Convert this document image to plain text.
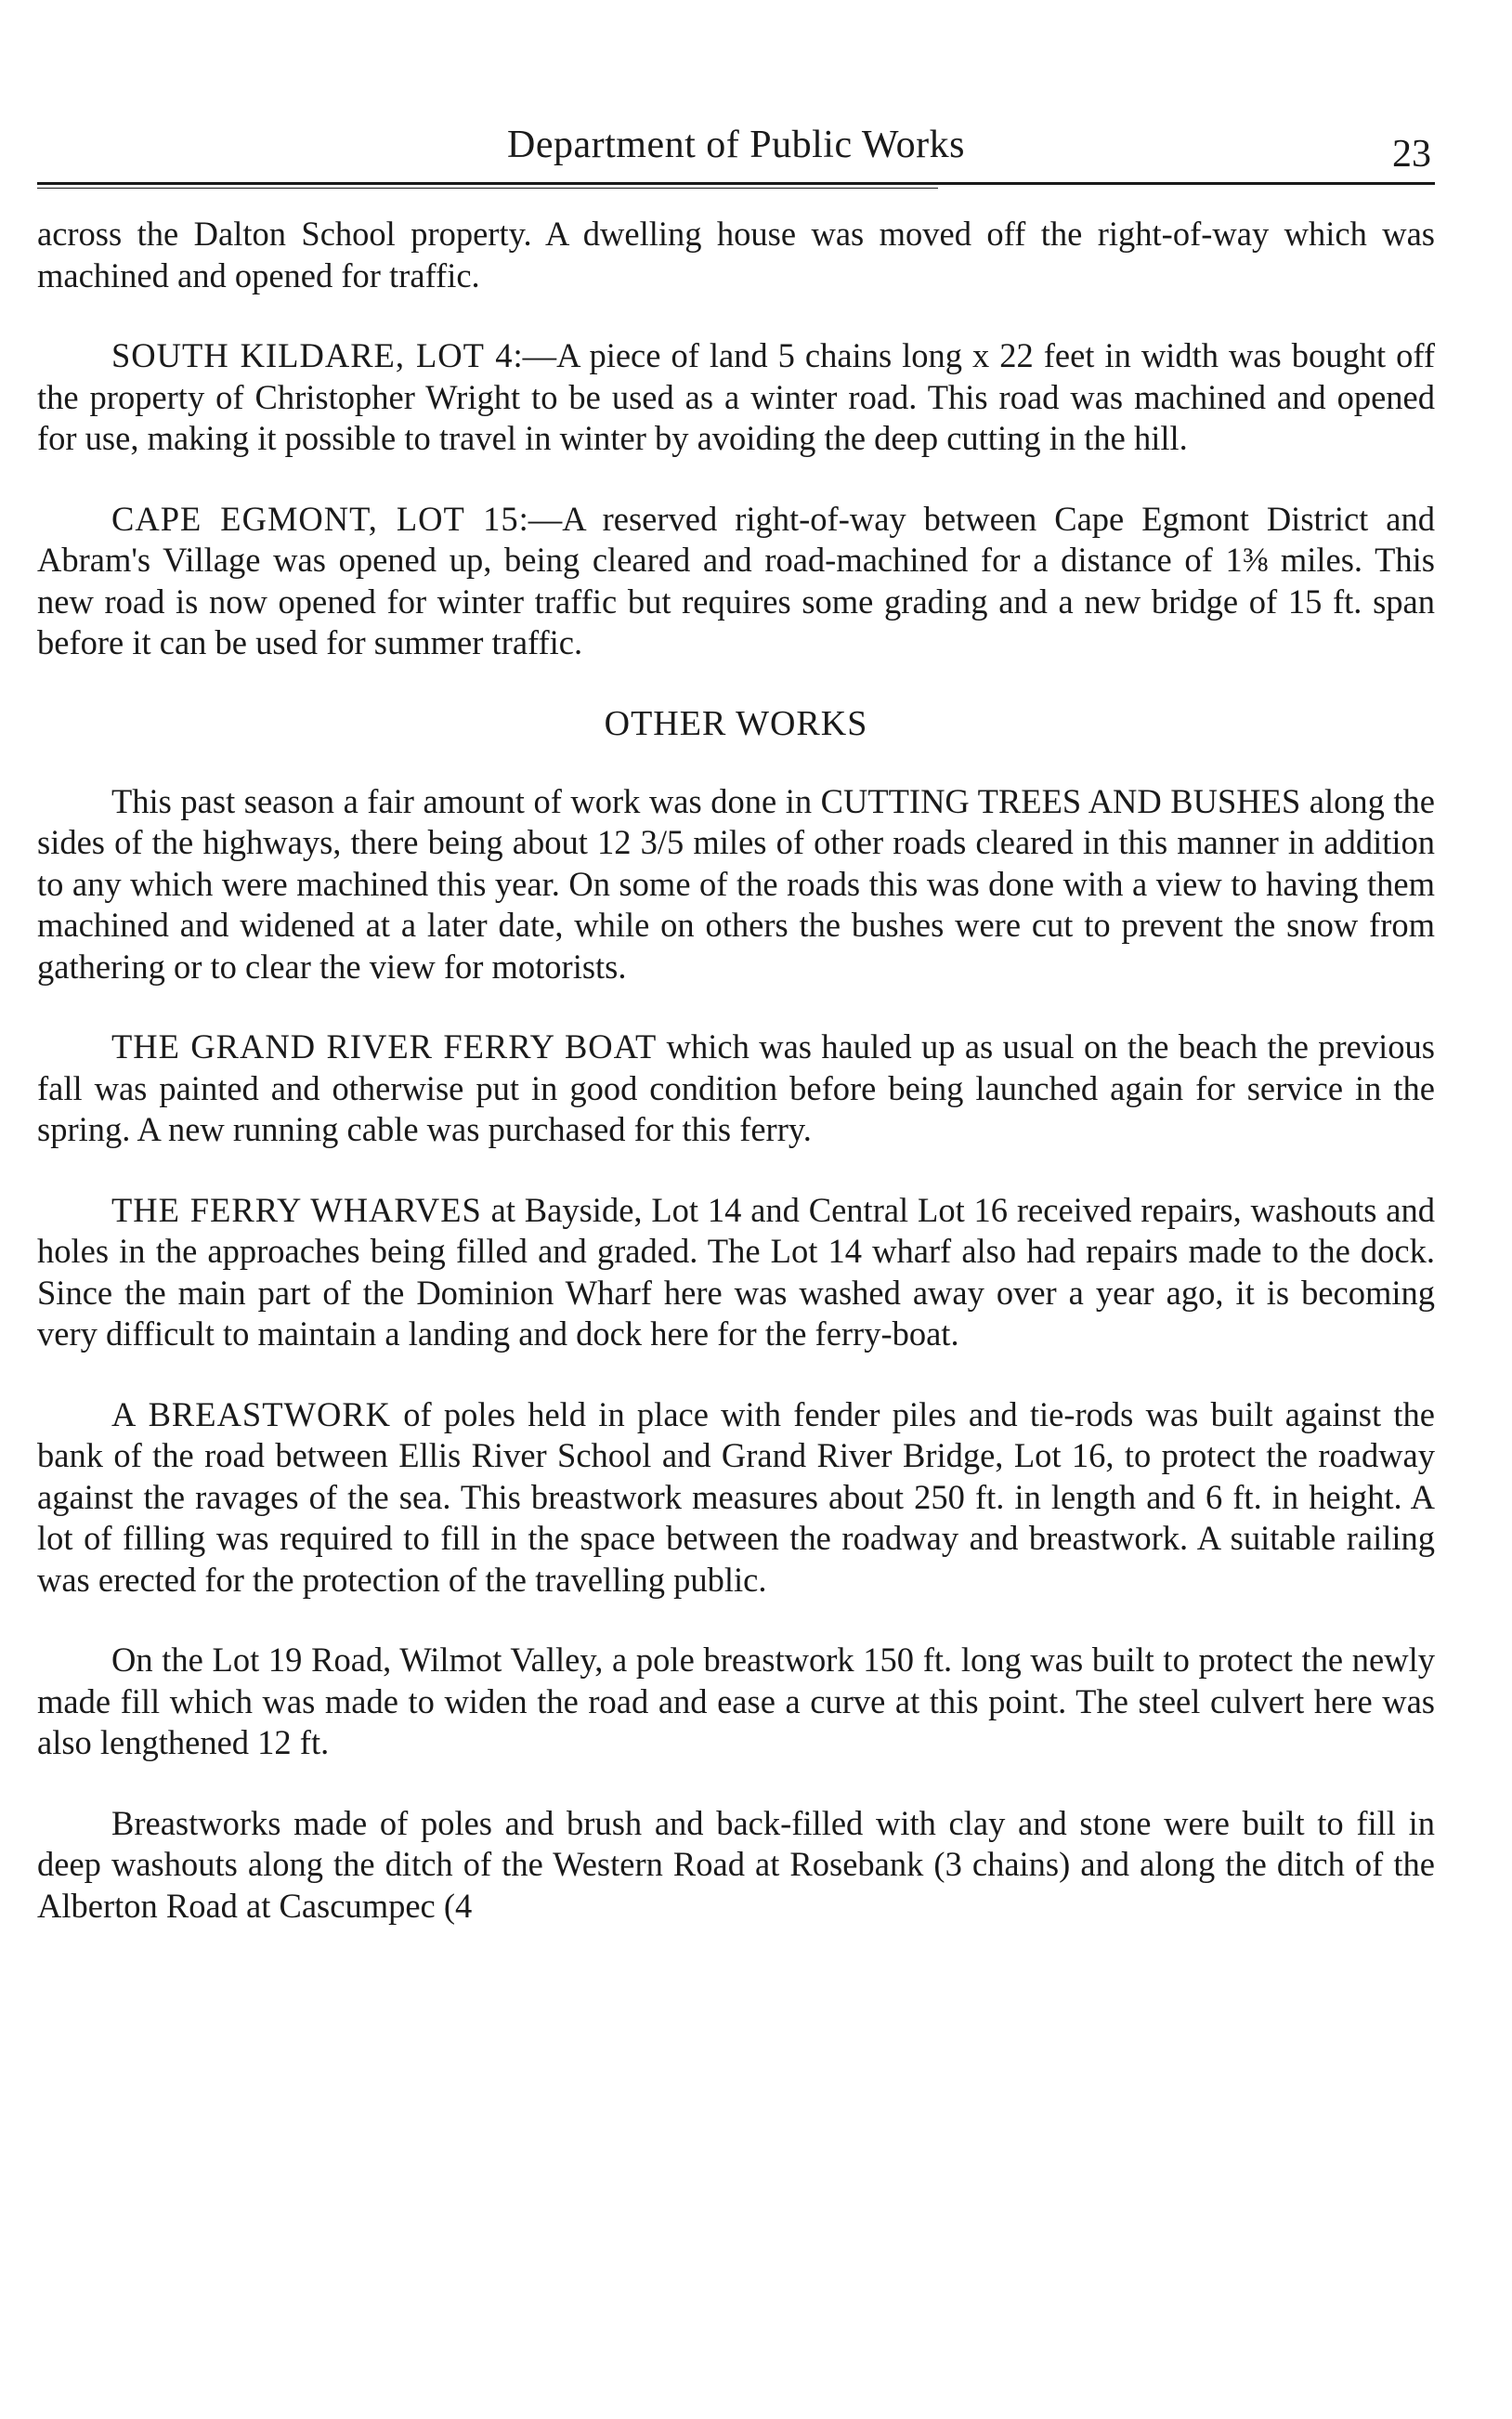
Department of Public Works	23

across the Dalton School property. A dwelling house was moved off the right-of-way which was machined and opened for traffic.

SOUTH KILDARE, LOT 4:—A piece of land 5 chains long x 22 feet in width was bought off the property of Christopher Wright to be used as a winter road. This road was machined and opened for use, making it possible to travel in winter by avoiding the deep cutting in the hill.

CAPE EGMONT, LOT 15:—A reserved right-of-way between Cape Egmont District and Abram's Village was opened up, being cleared and road-machined for a distance of 1⅜ miles. This new road is now opened for winter traffic but requires some grading and a new bridge of 15 ft. span before it can be used for summer traffic.

OTHER WORKS

This past season a fair amount of work was done in CUTTING TREES AND BUSHES along the sides of the highways, there being about 12 3/5 miles of other roads cleared in this manner in addition to any which were machined this year. On some of the roads this was done with a view to having them machined and widened at a later date, while on others the bushes were cut to prevent the snow from gathering or to clear the view for motorists.

THE GRAND RIVER FERRY BOAT which was hauled up as usual on the beach the previous fall was painted and otherwise put in good condition before being launched again for service in the spring. A new running cable was purchased for this ferry.

THE FERRY WHARVES at Bayside, Lot 14 and Central Lot 16 received repairs, washouts and holes in the approaches being filled and graded. The Lot 14 wharf also had repairs made to the dock. Since the main part of the Dominion Wharf here was washed away over a year ago, it is becoming very difficult to maintain a landing and dock here for the ferry-boat.

A BREASTWORK of poles held in place with fender piles and tie-rods was built against the bank of the road between Ellis River School and Grand River Bridge, Lot 16, to protect the roadway against the ravages of the sea. This breastwork measures about 250 ft. in length and 6 ft. in height. A lot of filling was required to fill in the space between the roadway and breastwork. A suitable railing was erected for the protection of the travelling public.

On the Lot 19 Road, Wilmot Valley, a pole breastwork 150 ft. long was built to protect the newly made fill which was made to widen the road and ease a curve at this point. The steel culvert here was also lengthened 12 ft.

Breastworks made of poles and brush and back-filled with clay and stone were built to fill in deep washouts along the ditch of the Western Road at Rosebank (3 chains) and along the ditch of the Alberton Road at Cascumpec (4
